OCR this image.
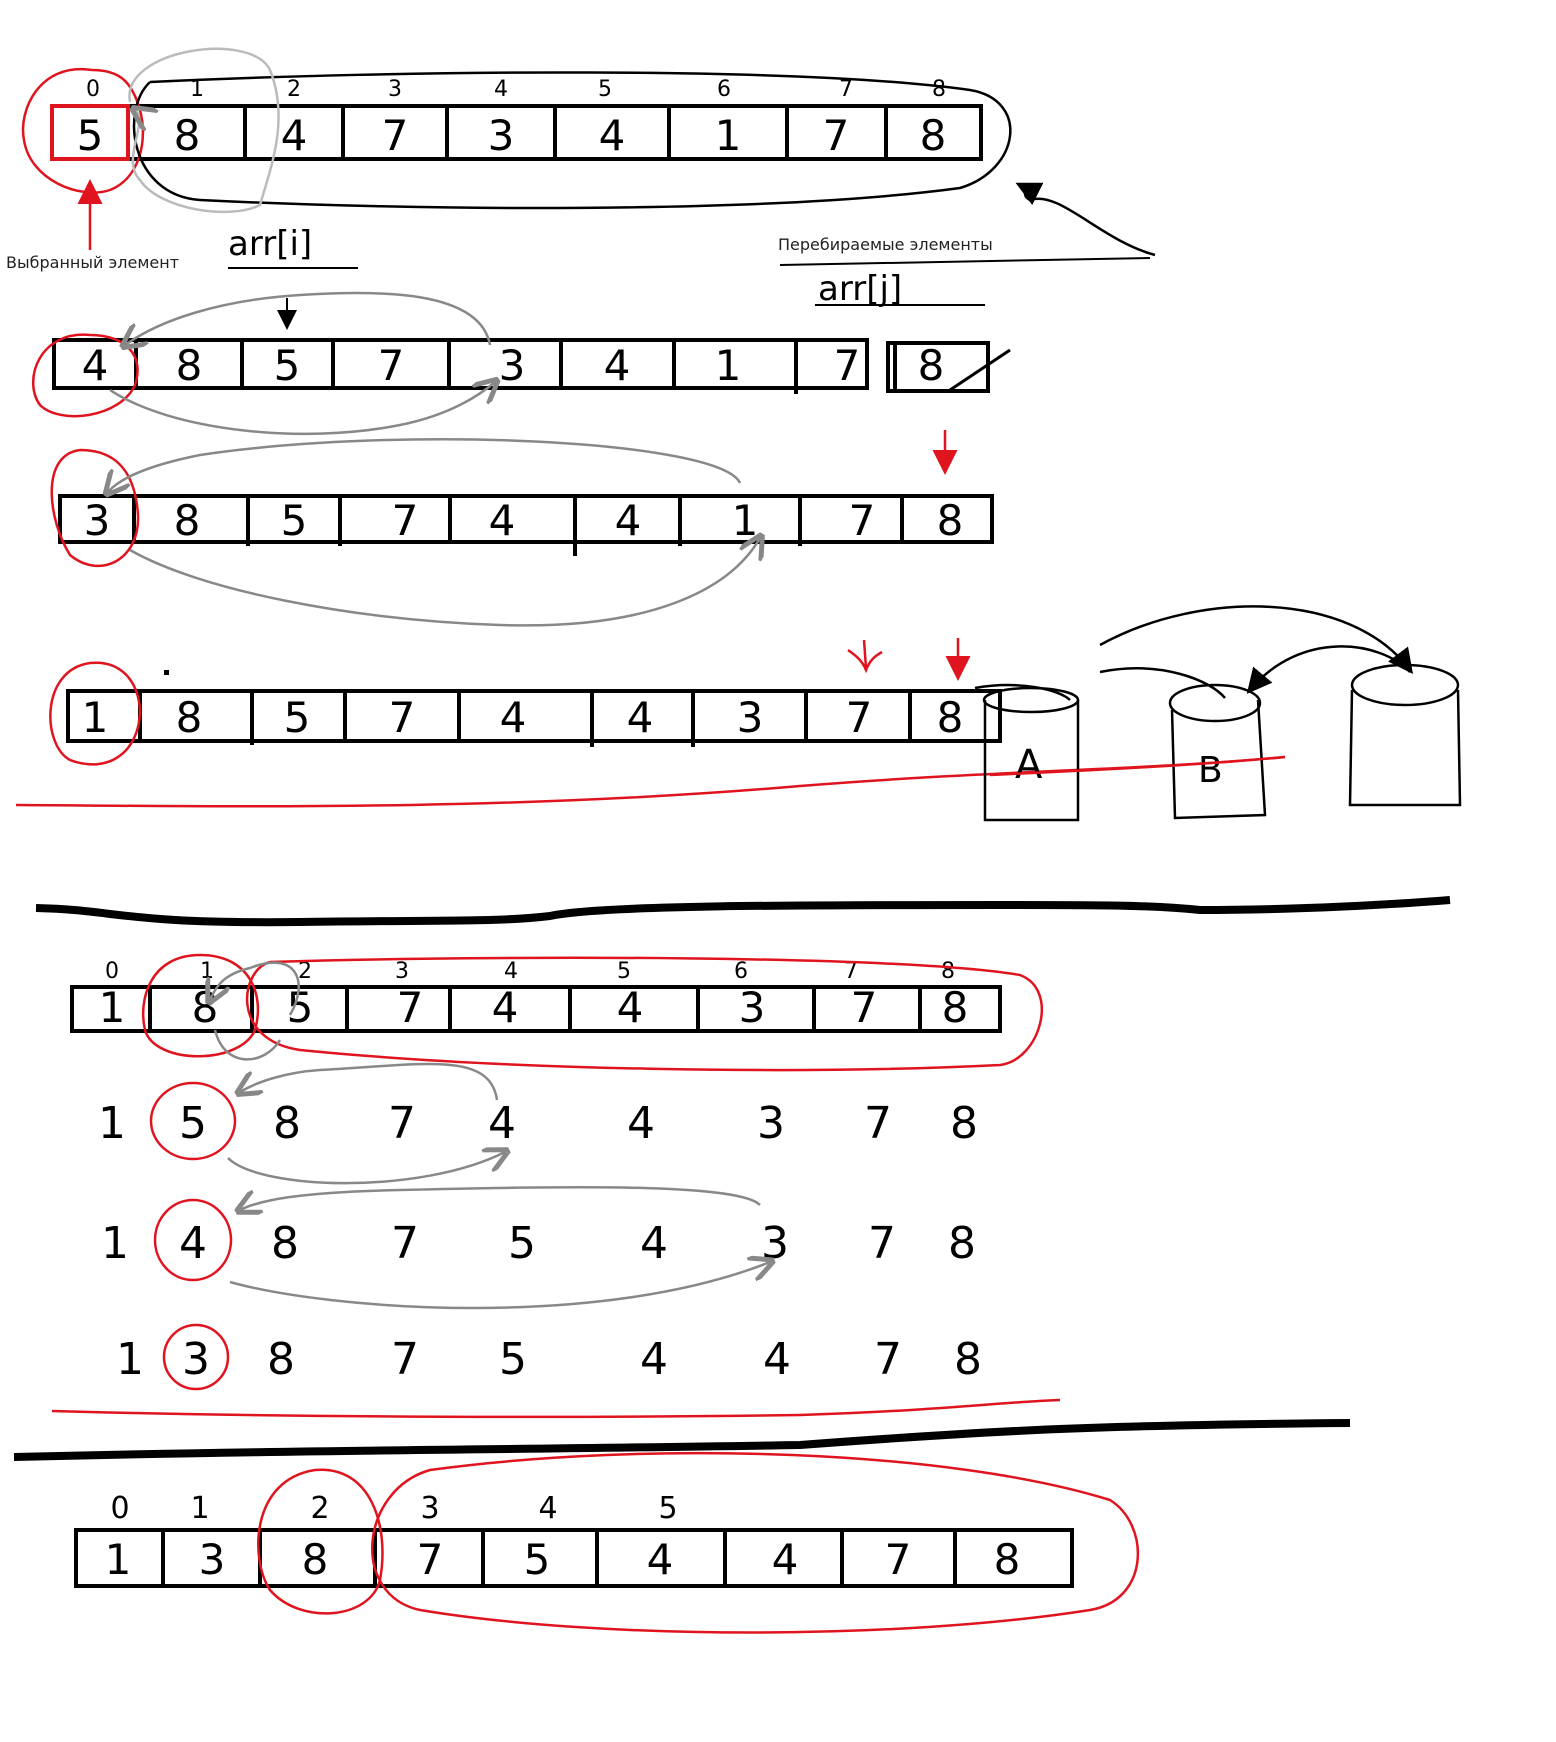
0	1	2	3	4	5	6	7	8
5 8 4 7 3 4 1 7 8
Выбранный элемент
Перебираемые элементы
arr[i]
arr[j]
4 8 5 7 3 4 1 7 8
3 8 5 7 4 4 1 7 8
1 8 5 7 4 4 3 7 8
A	B
0	1	2	3	4	5	6	7	8
1 8 5 7 4 4 3 7 8
1 5 8 7 4	4 3 7 8
1 4 8 7 5 4 3 7 8
1 3 8 7 5	4 4 7 8
0 1	2	3	4	5
1 3 8 7 5 4 4 7 8
